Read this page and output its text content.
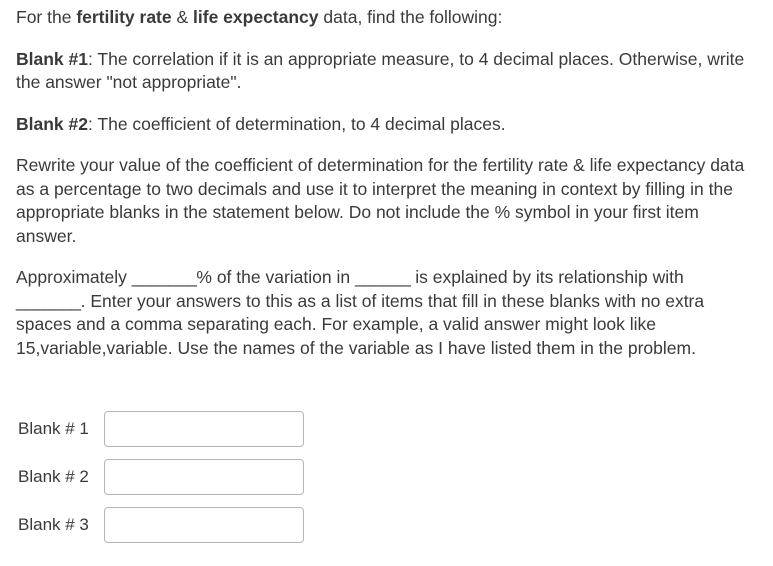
For the fertility rate & life expectancy data, find the following:

Blank #1: The correlation if it is an appropriate measure, to 4 decimal places. Otherwise, write the answer "not appropriate".

Blank #2: The coefficient of determination, to 4 decimal places.

Rewrite your value of the coefficient of determination for the fertility rate & life expectancy data as a percentage to two decimals and use it to interpret the meaning in context by filling in the appropriate blanks in the statement below. Do not include the % symbol in your first item answer.

Approximately _______% of the variation in ______ is explained by its relationship with _______. Enter your answers to this as a list of items that fill in these blanks with no extra spaces and a comma separating each. For example, a valid answer might look like 15,variable,variable. Use the names of the variable as I have listed them in the problem.

Blank # 1
Blank # 2
Blank # 3
